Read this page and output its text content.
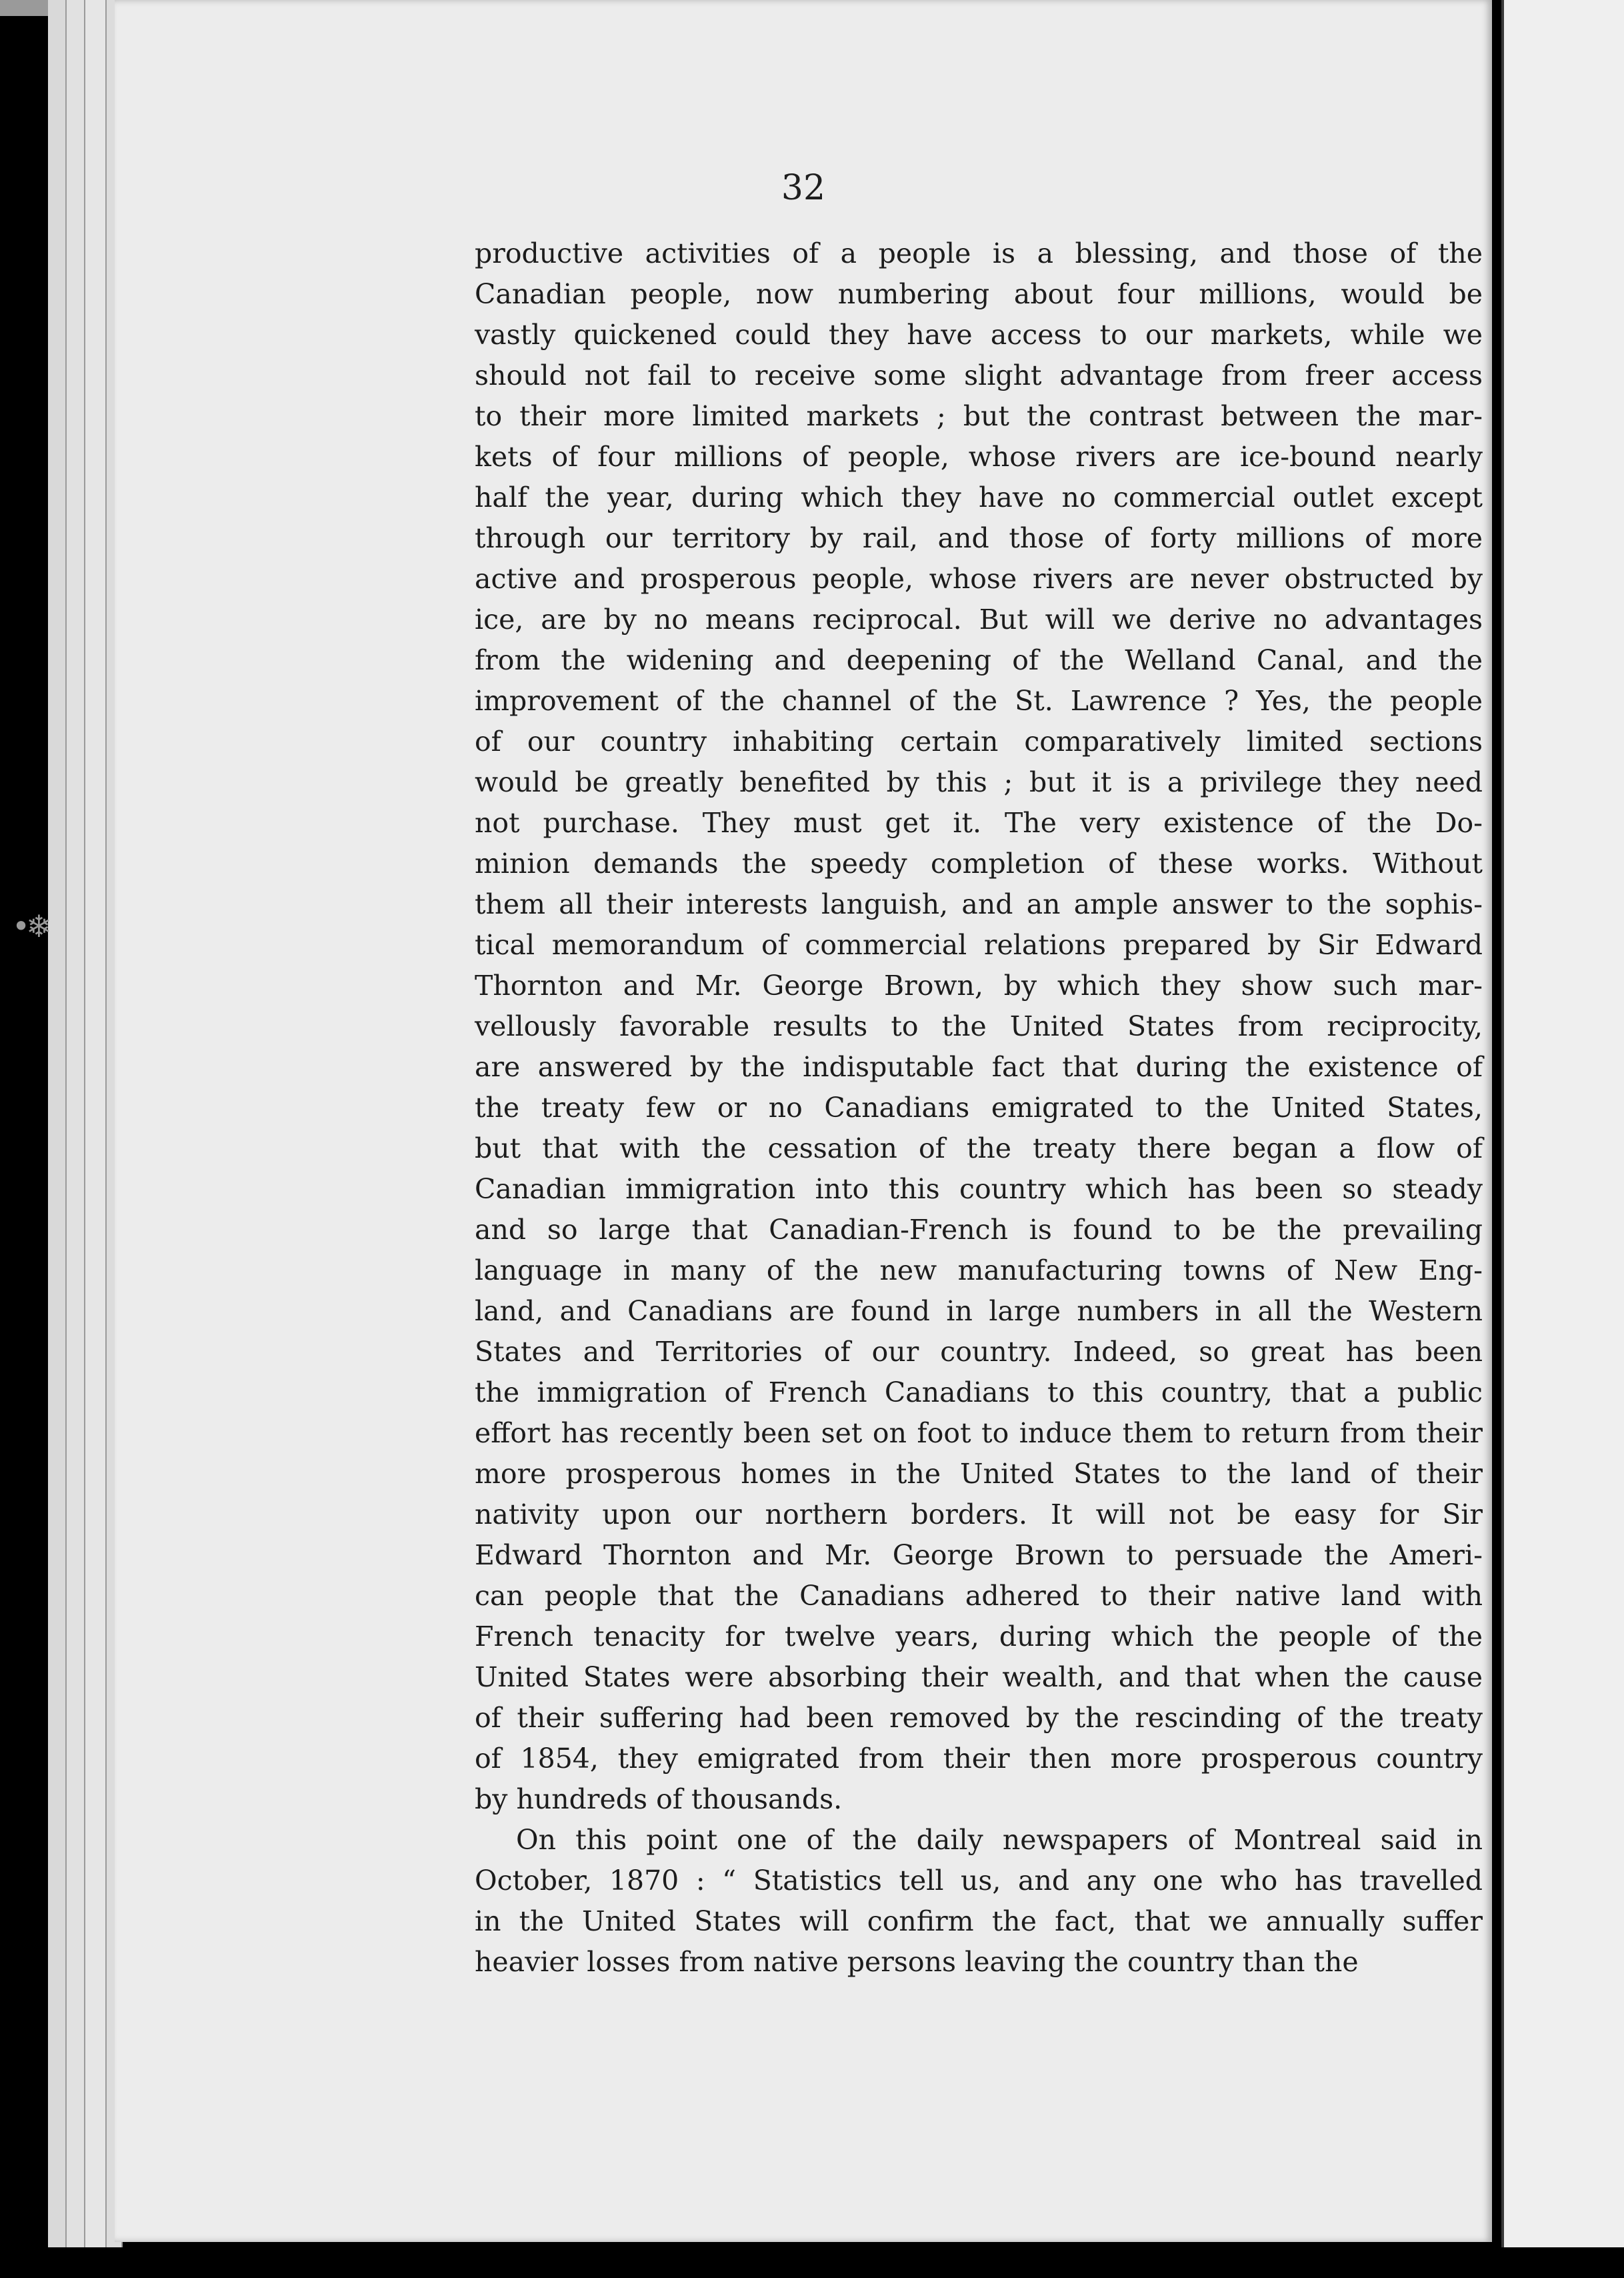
•❄

32

productive activities of a people is a blessing, and those of the
Canadian people, now numbering about four millions, would be
vastly quickened could they have access to our markets, while we
should not fail to receive some slight advantage from freer access
to their more limited markets ; but the contrast between the mar-
kets of four millions of people, whose rivers are ice-bound nearly
half the year, during which they have no commercial outlet except
through our territory by rail, and those of forty millions of more
active and prosperous people, whose rivers are never obstructed by
ice, are by no means reciprocal. But will we derive no advantages
from the widening and deepening of the Welland Canal, and the
improvement of the channel of the St. Lawrence ? Yes, the people
of our country inhabiting certain comparatively limited sections
would be greatly benefited by this ; but it is a privilege they need
not purchase. They must get it. The very existence of the Do-
minion demands the speedy completion of these works. Without
them all their interests languish, and an ample answer to the sophis-
tical memorandum of commercial relations prepared by Sir Edward
Thornton and Mr. George Brown, by which they show such mar-
vellously favorable results to the United States from reciprocity,
are answered by the indisputable fact that during the existence of
the treaty few or no Canadians emigrated to the United States,
but that with the cessation of the treaty there began a flow of
Canadian immigration into this country which has been so steady
and so large that Canadian-French is found to be the prevailing
language in many of the new manufacturing towns of New Eng-
land, and Canadians are found in large numbers in all the Western
States and Territories of our country. Indeed, so great has been
the immigration of French Canadians to this country, that a public
effort has recently been set on foot to induce them to return from their
more prosperous homes in the United States to the land of their
nativity upon our northern borders. It will not be easy for Sir
Edward Thornton and Mr. George Brown to persuade the Ameri-
can people that the Canadians adhered to their native land with
French tenacity for twelve years, during which the people of the
United States were absorbing their wealth, and that when the cause
of their suffering had been removed by the rescinding of the treaty
of 1854, they emigrated from their then more prosperous country
by hundreds of thousands.

On this point one of the daily newspapers of Montreal said in
October, 1870 : “ Statistics tell us, and any one who has travelled
in the United States will confirm the fact, that we annually suffer
heavier losses from native persons leaving the country than the
